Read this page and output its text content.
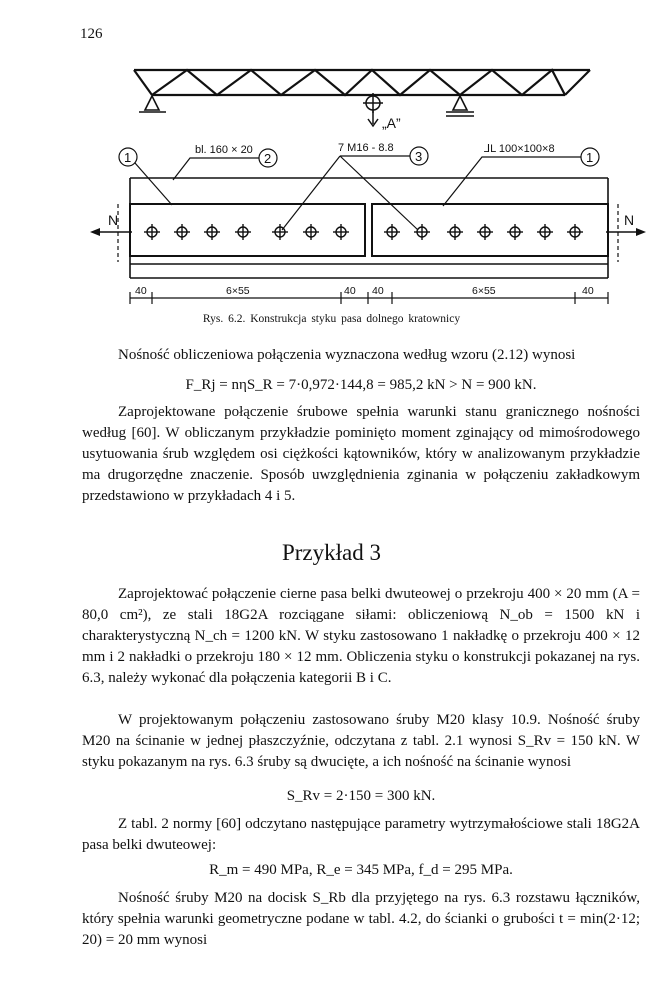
126
„A”
N	N
1	2	3	1
bl. 160 × 20	7 M16 - 8.8	⅃L 100×100×8
40	6×55	40 40	6×55	40
Rys. 6.2. Konstrukcja styku pasa dolnego kratownicy

Nośność obliczeniowa połączenia wyznaczona według wzoru (2.12) wynosi

F_Rj = nηS_R = 7·0,972·144,8 = 985,2 kN > N = 900 kN.

Zaprojektowane połączenie śrubowe spełnia warunki stanu granicznego nośności według [60]. W obliczanym przykładzie pominięto moment zginający od mimośrodowego usytuowania śrub względem osi ciężkości kątowników, który w analizowanym przykładzie ma drugorzędne znaczenie. Sposób uwzględnienia zginania w połączeniu zakładkowym przedstawiono w przykładach 4 i 5.

Przykład 3

Zaprojektować połączenie cierne pasa belki dwuteowej o przekroju 400 × 20 mm (A = 80,0 cm²), ze stali 18G2A rozciągane siłami: obliczeniową N_ob = 1500 kN i charakterystyczną N_ch = 1200 kN. W styku zastosowano 1 nakładkę o przekroju 400 × 12 mm i 2 nakładki o przekroju 180 × 12 mm. Obliczenia styku o konstrukcji pokazanej na rys. 6.3, należy wykonać dla połączenia kategorii B i C.

W projektowanym połączeniu zastosowano śruby M20 klasy 10.9. Nośność śruby M20 na ścinanie w jednej płaszczyźnie, odczytana z tabl. 2.1 wynosi S_Rv = 150 kN. W styku pokazanym na rys. 6.3 śruby są dwucięte, a ich nośność na ścinanie wynosi

S_Rv = 2·150 = 300 kN.

Z tabl. 2 normy [60] odczytano następujące parametry wytrzymałościowe stali 18G2A pasa belki dwuteowej:

R_m = 490 MPa, R_e = 345 MPa, f_d = 295 MPa.

Nośność śruby M20 na docisk S_Rb dla przyjętego na rys. 6.3 rozstawu łączników, który spełnia warunki geometryczne podane w tabl. 4.2, do ścianki o grubości t = min(2·12; 20) = 20 mm wynosi
